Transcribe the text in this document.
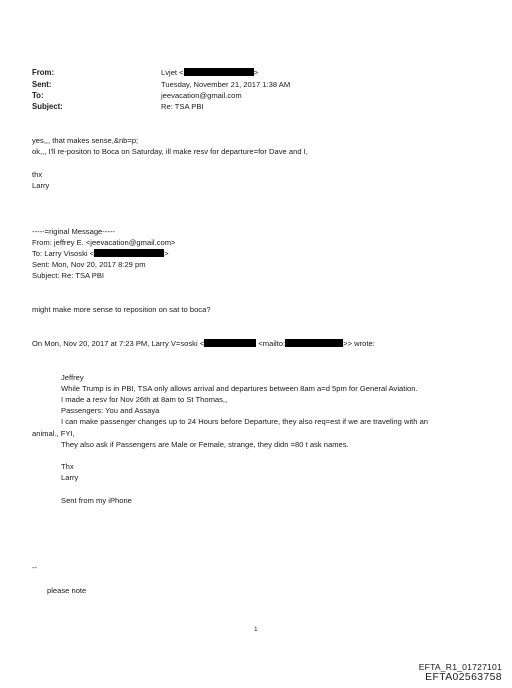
From:	Lvjet <	>
Sent:	Tuesday, November 21, 2017 1:38 AM
To:	jeevacation@gmail.com
Subject:	Re: TSA PBI
yes,,, that makes sense,&nb=p;
ok,,, I'll re-positon to Boca on Saturday, ill make resv for departure=for Dave and I,
thx
Larry
-----=riginal Message-----
From: jeffrey E. <jeevacation@gmail.com>
To: Larry Visoski <	>
Sent: Mon, Nov 20, 2017 8:29 pm
Subject: Re: TSA PBI
might make more sense to reposition on sat to boca?
On Mon, Nov 20, 2017 at 7:23 PM, Larry V=soski <	<mailto:	>> wrote:
Jeffrey
While Trump is in PBI, TSA only allows arrival and departures between 8am a=d 5pm for General Aviation.
I made a resv for Nov 26th at 8am to St Thomas,,
Passengers: You and Assaya
I can make passenger changes up to 24 Hours before Departure, they also req=est if we are traveling with an
animal., FYI,
They also ask if Passengers are Male or Female, strange, they didn =80 t ask names.
Thx
Larry
Sent from my iPhone
--
please note
1
EFTA_R1_01727101
EFTA02563758
